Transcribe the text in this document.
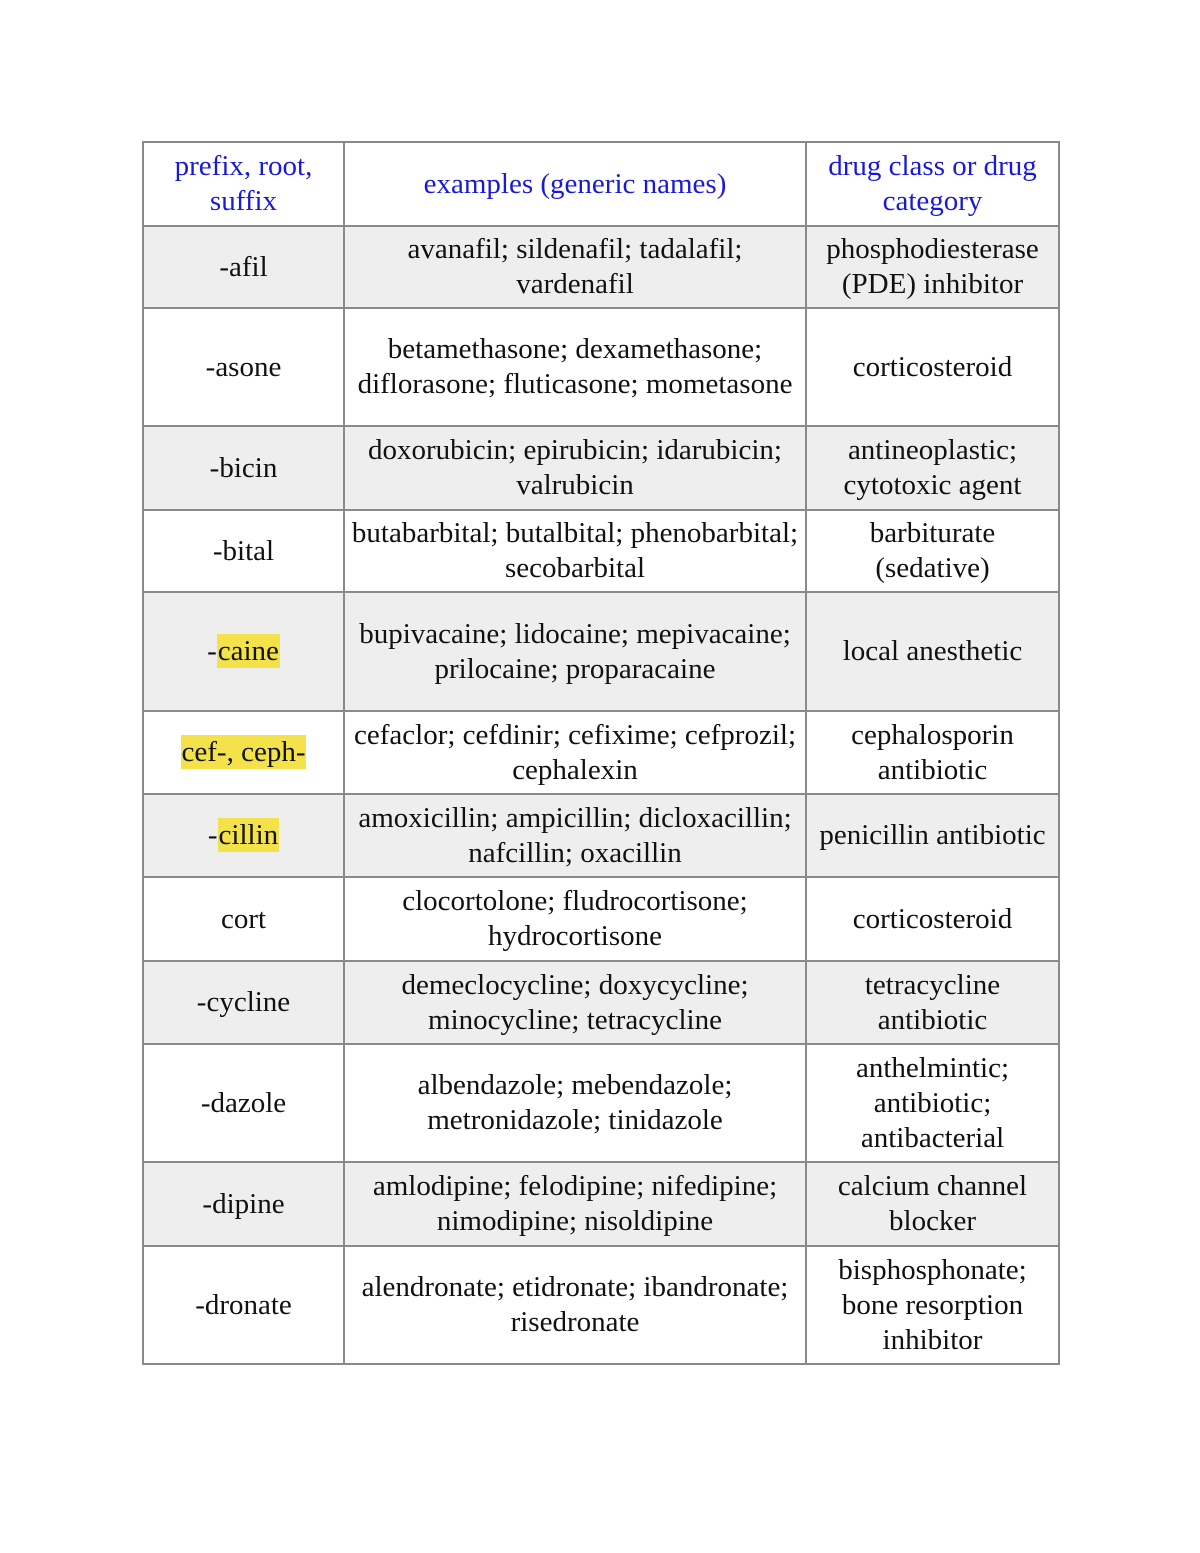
prefix, root, suffix	examples (generic names)	drug class or drug category
-afil	avanafil; sildenafil; tadalafil; vardenafil	phosphodiesterase (PDE) inhibitor
-asone	betamethasone; dexamethasone; diflorasone; fluticasone; mometasone	corticosteroid
-bicin	doxorubicin; epirubicin; idarubicin; valrubicin	antineoplastic; cytotoxic agent
-bital	butabarbital; butalbital; phenobarbital; secobarbital	barbiturate (sedative)
-caine	bupivacaine; lidocaine; mepivacaine; prilocaine; proparacaine	local anesthetic
cef-, ceph-	cefaclor; cefdinir; cefixime; cefprozil; cephalexin	cephalosporin antibiotic
-cillin	amoxicillin; ampicillin; dicloxacillin; nafcillin; oxacillin	penicillin antibiotic
cort	clocortolone; fludrocortisone; hydrocortisone	corticosteroid
-cycline	demeclocycline; doxycycline; minocycline; tetracycline	tetracycline antibiotic
-dazole	albendazole; mebendazole; metronidazole; tinidazole	anthelmintic; antibiotic; antibacterial
-dipine	amlodipine; felodipine; nifedipine; nimodipine; nisoldipine	calcium channel blocker
-dronate	alendronate; etidronate; ibandronate; risedronate	bisphosphonate; bone resorption inhibitor
